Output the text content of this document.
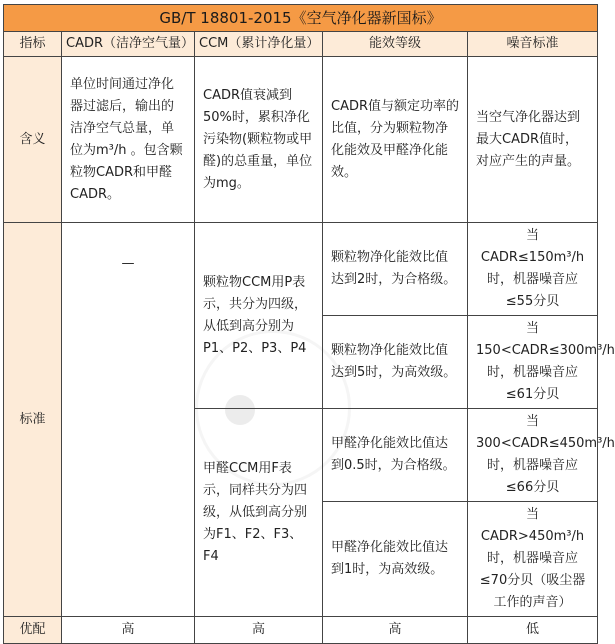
GB/T 18801-2015《空气净化器新国标》				
指标	CADR（洁净空气量）	CCM（累计净化量）	能效等级	噪音标准
含义	单位时间通过净化器过滤后，输出的洁净空气总量，单位为m³/h 。包含颗粒物CADR和甲醛CADR。	CADR值衰减到50%时，累积净化污染物(颗粒物或甲醛)的总重量，单位为mg。	CADR值与额定功率的比值，分为颗粒物净化能效及甲醛净化能效。	当空气净化器达到最大CADR值时，对应产生的声量。
标准	—	颗粒物CCM用P表示，共分为四级，从低到高分别为P1、P2、P3、P4	颗粒物净化能效比值达到2时，为合格级。	当CADR≤150m³/h时，机器噪音应≤55分贝
			颗粒物净化能效比值达到5时，为高效级。	当150<CADR≤300m³/h时，机器噪音应≤61分贝
		甲醛CCM用F表示，同样共分为四级，从低到高分别为F1、F2、F3、F4	甲醛净化能效比值达到0.5时，为合格级。	当300<CADR≤450m³/h时，机器噪音应≤66分贝
			甲醛净化能效比值达到1时，为高效级。	当CADR>450m³/h时，机器噪音应≤70分贝（吸尘器工作的声音）
优配	高	高	高	低
